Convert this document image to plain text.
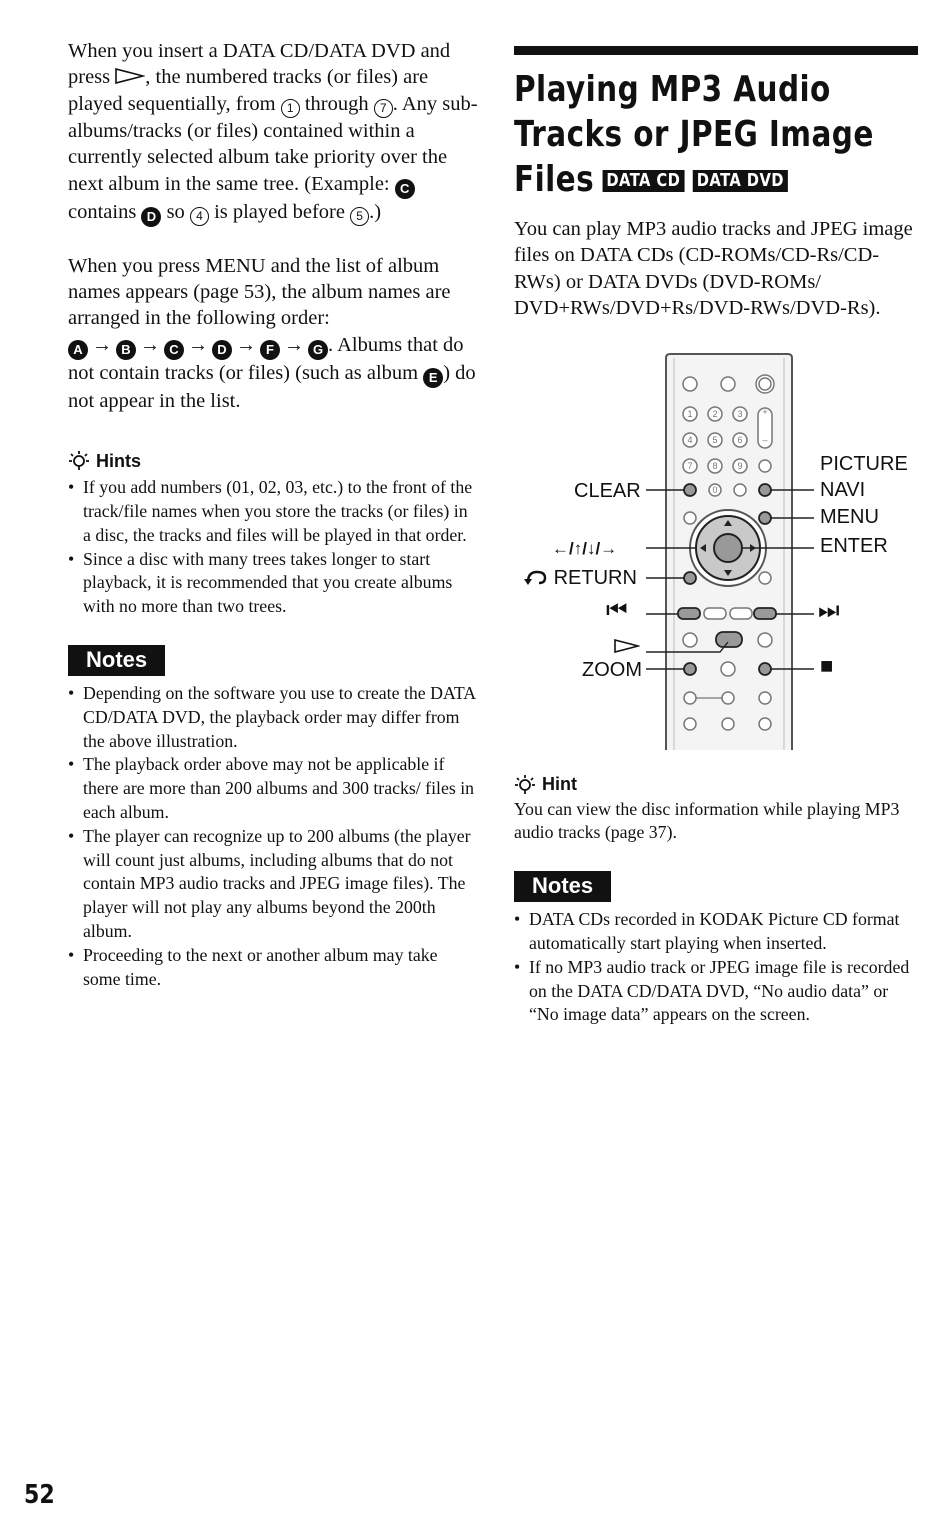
When you insert a DATA CD/DATA DVD and press , the numbered tracks (or files) are played sequentially, from 1 through 7 . Any sub-albums/tracks (or files) contained within a currently selected album take priority over the next album in the same tree. (Example: C contains D so 4 is played before 5 .)

When you press MENU and the list of album names appears (page 53), the album names are arranged in the following order:
A → B → C → D → F → G . Albums that do not contain tracks (or files) (such as album E ) do not appear in the list.

Hints
• If you add numbers (01, 02, 03, etc.) to the front of the track/file names when you store the tracks (or files) in a disc, the tracks and files will be played in that order.
• Since a disc with many trees takes longer to start playback, it is recommended that you create albums with no more than two trees.
Notes
• Depending on the software you use to create the DATA CD/DATA DVD, the playback order may differ from the above illustration.
• The playback order above may not be applicable if there are more than 200 albums and 300 tracks/ files in each album.
• The player can recognize up to 200 albums (the player will count just albums, including albums that do not contain MP3 audio tracks and JPEG image files). The player will not play any albums beyond the 200th album.
• Proceeding to the next or another album may take some time.
Playing MP3 Audio
Tracks or JPEG Image
Files DATA CD DATA DVD

You can play MP3 audio tracks and JPEG image files on DATA CDs (CD-ROMs/CD-Rs/CD-RWs) or DATA DVDs (DVD-ROMs/ DVD+RWs/DVD+Rs/DVD-RWs/DVD-Rs).

1 2 3
4 5 6
7 8 9
0
+
–
CLEAR
←/↑/↓/→
RETURN
⏮
ZOOM
PICTURE
NAVI
MENU
ENTER
⏭
■
Hint

You can view the disc information while playing MP3 audio tracks (page 37).

Notes
• DATA CDs recorded in KODAK Picture CD format automatically start playing when inserted.
• If no MP3 audio track or JPEG image file is recorded on the DATA CD/DATA DVD, “No audio data” or “No image data” appears on the screen.
52
